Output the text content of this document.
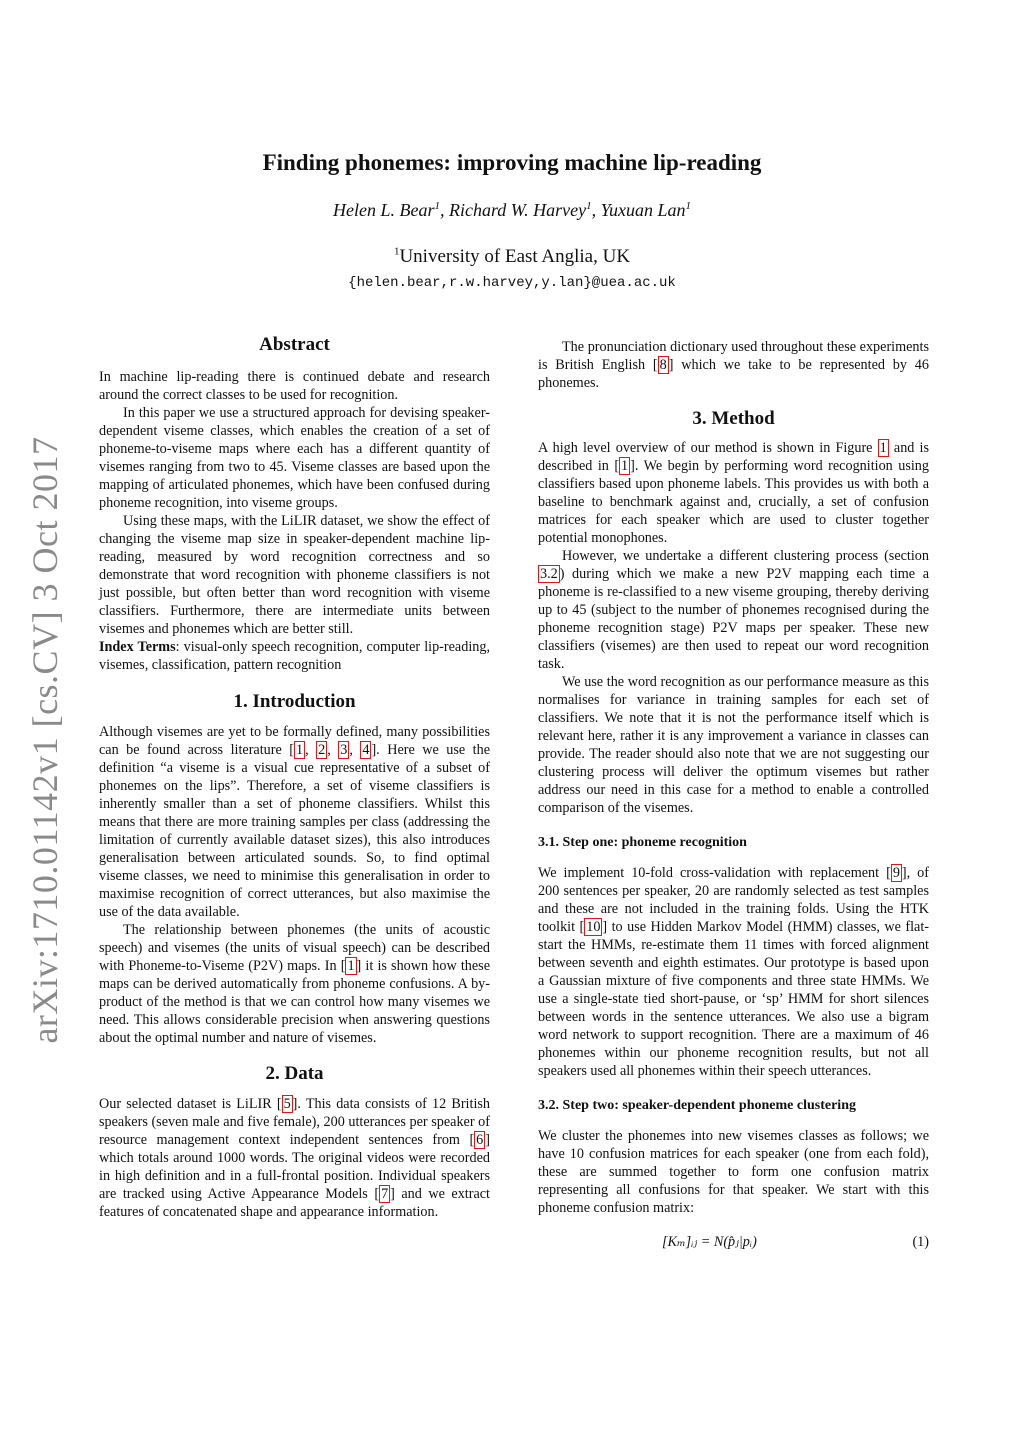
arXiv:1710.01142v1 [cs.CV] 3 Oct 2017
Finding phonemes: improving machine lip-reading
Helen L. Bear$^1$, Richard W. Harvey$^1$, Yuxuan Lan$^1$
$^1$University of East Anglia, UK
{helen.bear,r.w.harvey,y.lan}@uea.ac.uk
Abstract

In machine lip-reading there is continued debate and research around the correct classes to be used for recognition.

In this paper we use a structured approach for devising speaker-dependent viseme classes, which enables the creation of a set of phoneme-to-viseme maps where each has a different quantity of visemes ranging from two to 45. Viseme classes are based upon the mapping of articulated phonemes, which have been confused during phoneme recognition, into viseme groups.

Using these maps, with the LiLIR dataset, we show the effect of changing the viseme map size in speaker-dependent machine lip-reading, measured by word recognition correctness and so demonstrate that word recognition with phoneme classifiers is not just possible, but often better than word recognition with viseme classifiers. Furthermore, there are intermediate units between visemes and phonemes which are better still.

Index Terms: visual-only speech recognition, computer lip-reading, visemes, classification, pattern recognition

1. Introduction

Although visemes are yet to be formally defined, many possibilities can be found across literature [ 1 , 2 , 3 , 4 ]. Here we use the definition “a viseme is a visual cue representative of a subset of phonemes on the lips”. Therefore, a set of viseme classifiers is inherently smaller than a set of phoneme classifiers. Whilst this means that there are more training samples per class (addressing the limitation of currently available dataset sizes), this also introduces generalisation between articulated sounds. So, to find optimal viseme classes, we need to minimise this generalisation in order to maximise recognition of correct utterances, but also maximise the use of the data available.

The relationship between phonemes (the units of acoustic speech) and visemes (the units of visual speech) can be described with Phoneme-to-Viseme (P2V) maps. In [ 1 ] it is shown how these maps can be derived automatically from phoneme confusions. A by-product of the method is that we can control how many visemes we need. This allows considerable precision when answering questions about the optimal number and nature of visemes.

2. Data

Our selected dataset is LiLIR [ 5 ]. This data consists of 12 British speakers (seven male and five female), 200 utterances per speaker of resource management context independent sentences from [ 6 ] which totals around 1000 words. The original videos were recorded in high definition and in a full-frontal position. Individual speakers are tracked using Active Appearance Models [ 7 ] and we extract features of concatenated shape and appearance information.

The pronunciation dictionary used throughout these experiments is British English [ 8 ] which we take to be represented by 46 phonemes.

3. Method

A high level overview of our method is shown in Figure 1 and is described in [ 1 ]. We begin by performing word recognition using classifiers based upon phoneme labels. This provides us with both a baseline to benchmark against and, crucially, a set of confusion matrices for each speaker which are used to cluster together potential monophones.

However, we undertake a different clustering process (section 3.2 ) during which we make a new P2V mapping each time a phoneme is re-classified to a new viseme grouping, thereby deriving up to 45 (subject to the number of phonemes recognised during the phoneme recognition stage) P2V maps per speaker. These new classifiers (visemes) are then used to repeat our word recognition task.

We use the word recognition as our performance measure as this normalises for variance in training samples for each set of classifiers. We note that it is not the performance itself which is relevant here, rather it is any improvement a variance in classes can provide. The reader should also note that we are not suggesting our clustering process will deliver the optimum visemes but rather address our need in this case for a method to enable a controlled comparison of the visemes.

3.1. Step one: phoneme recognition

We implement 10-fold cross-validation with replacement [ 9 ], of 200 sentences per speaker, 20 are randomly selected as test samples and these are not included in the training folds. Using the HTK toolkit [ 10 ] to use Hidden Markov Model (HMM) classes, we flat-start the HMMs, re-estimate them 11 times with forced alignment between seventh and eighth estimates. Our prototype is based upon a Gaussian mixture of five components and three state HMMs. We use a single-state tied short-pause, or ‘sp’ HMM for short silences between words in the sentence utterances. We also use a bigram word network to support recognition. There are a maximum of 46 phonemes within our phoneme recognition results, but not all speakers used all phonemes within their speech utterances.

3.2. Step two: speaker-dependent phoneme clustering

We cluster the phonemes into new visemes classes as follows; we have 10 confusion matrices for each speaker (one from each fold), these are summed together to form one confusion matrix representing all confusions for that speaker. We start with this phoneme confusion matrix:

[Kₘ]ᵢⱼ = N(p̂ⱼ|pᵢ)	(1)
